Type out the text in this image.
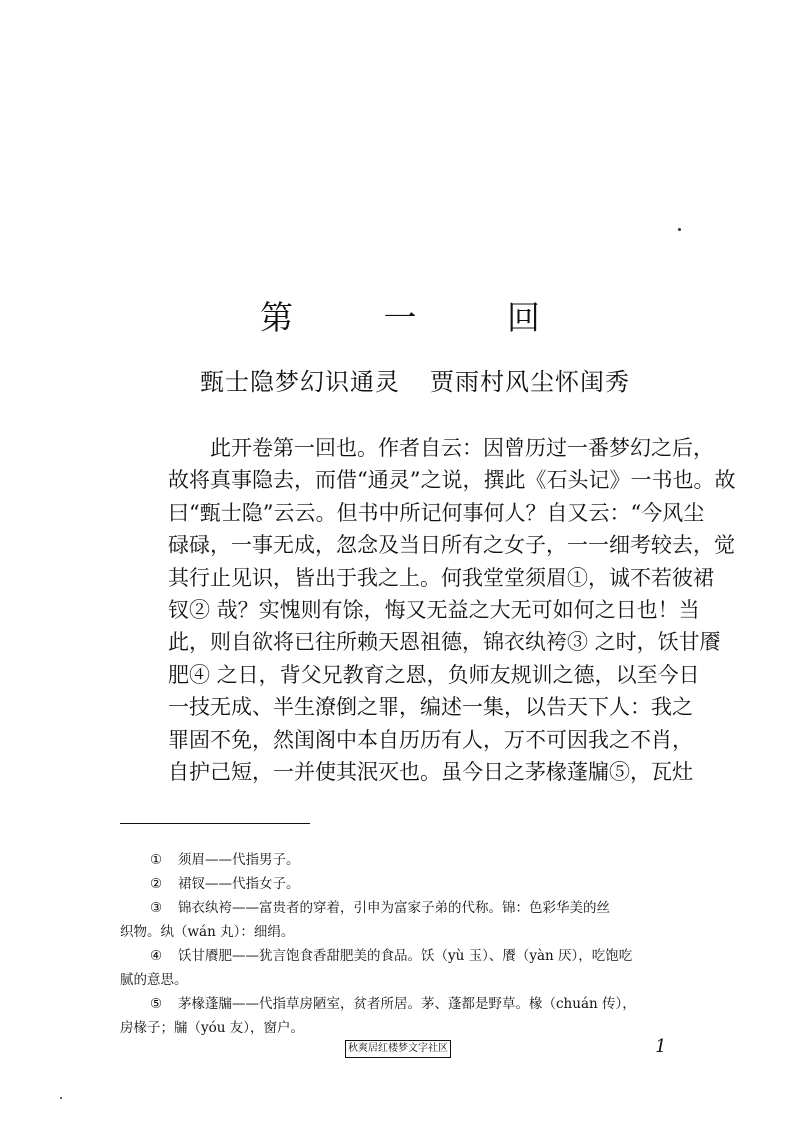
第 一 回
甄士隐梦幻识通灵 贾雨村风尘怀闺秀
　　此开卷第一回也。作者自云：因曾历过一番梦幻之后，
故将真事隐去，而借“通灵”之说，撰此《石头记》一书也。故
曰“甄士隐”云云。但书中所记何事何人？自又云：“今风尘
碌碌，一事无成，忽念及当日所有之女子，一一细考较去，觉
其行止见识，皆出于我之上。何我堂堂须眉①，诚不若彼裙
钗② 哉？实愧则有馀，悔又无益之大无可如何之日也！当
此，则自欲将已往所赖天恩祖德，锦衣纨袴③ 之时，饫甘餍
肥④ 之日，背父兄教育之恩，负师友规训之德，以至今日
一技无成、半生潦倒之罪，编述一集，以告天下人：我之
罪固不免，然闺阁中本自历历有人，万不可因我之不肖，
自护己短，一并使其泯灭也。虽今日之茅椽蓬牖⑤，瓦灶
① 须眉——代指男子。
② 裙钗——代指女子。
③ 锦衣纨袴——富贵者的穿着，引申为富家子弟的代称。锦：色彩华美的丝
织物。纨（wán 丸）：细绢。
④ 饫甘餍肥——犹言饱食香甜肥美的食品。饫（yù 玉）、餍（yàn 厌），吃饱吃
腻的意思。
⑤ 茅椽蓬牖——代指草房陋室，贫者所居。茅、蓬都是野草。椽（chuán 传），
房椽子；牖（yóu 友），窗户。
秋爽居红楼梦文字社区	1
